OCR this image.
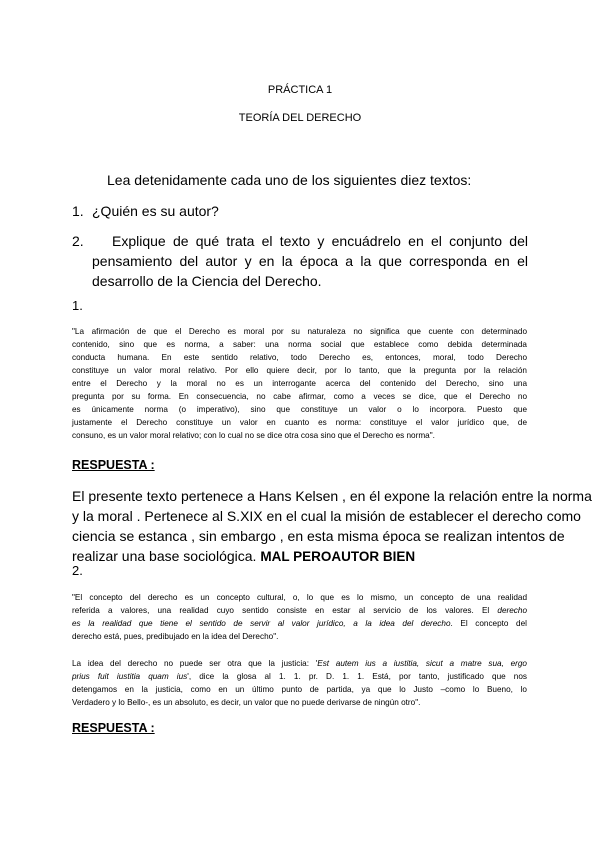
PRÁCTICA 1
TEORÍA DEL DERECHO
Lea detenidamente cada uno de los siguientes diez textos:
1. ¿Quién es su autor?
2.	Explique de qué trata el texto y encuádrelo en el conjunto del
pensamiento del autor y en la época a la que corresponda en el
desarrollo de la Ciencia del Derecho.
1.
"La afirmación de que el Derecho es moral por su naturaleza no significa que cuente con determinado
contenido, sino que es norma, a saber: una norma social que establece como debida determinada
conducta humana. En este sentido relativo, todo Derecho es, entonces, moral, todo Derecho
constituye un valor moral relativo. Por ello quiere decir, por lo tanto, que la pregunta por la relación
entre el Derecho y la moral no es un interrogante acerca del contenido del Derecho, sino una
pregunta por su forma. En consecuencia, no cabe afirmar, como a veces se dice, que el Derecho no
es únicamente norma (o imperativo), sino que constituye un valor o lo incorpora. Puesto que
justamente el Derecho constituye un valor en cuanto es norma: constituye el valor jurídico que, de
consuno, es un valor moral relativo; con lo cual no se dice otra cosa sino que el Derecho es norma".
RESPUESTA :
El presente texto pertenece a Hans Kelsen , en él expone la relación entre la norma
y la moral . Pertenece al S.XIX en el cual la misión de establecer el derecho como
ciencia se estanca , sin embargo , en esta misma época se realizan intentos de
realizar una base sociológica. MAL PEROAUTOR BIEN
2.
"El concepto del derecho es un concepto cultural, o, lo que es lo mismo, un concepto de una realidad
referida a valores, una realidad cuyo sentido consiste en estar al servicio de los valores. El derecho
es la realidad que tiene el sentido de servir al valor jurídico, a la idea del derecho. El concepto del
derecho está, pues, predibujado en la idea del Derecho".
La idea del derecho no puede ser otra que la justicia: 'Est autem ius a iustitia, sicut a matre sua, ergo
prius fuit iustitia quam ius', dice la glosa al 1. 1. pr. D. 1. 1. Está, por tanto, justificado que nos
detengamos en la justicia, como en un último punto de partida, ya que lo Justo –como lo Bueno, lo
Verdadero y lo Bello-, es un absoluto, es decir, un valor que no puede derivarse de ningún otro".
RESPUESTA :
